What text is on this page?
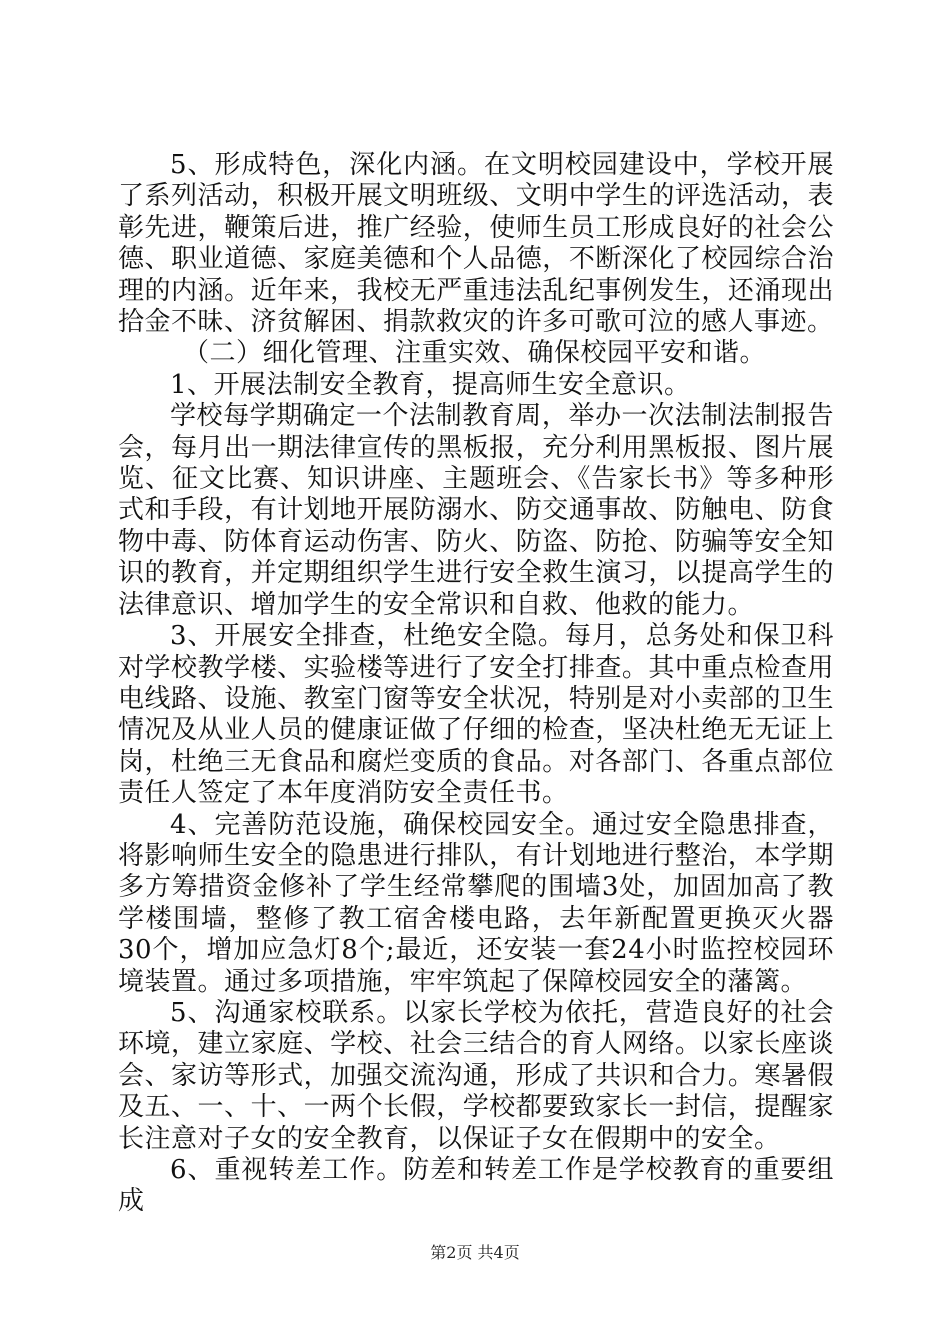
5、形成特色，深化内涵。在文明校园建设中，学校开展了系列活动，积极开展文明班级、文明中学生的评选活动，表彰先进，鞭策后进，推广经验，使师生员工形成良好的社会公德、职业道德、家庭美德和个人品德，不断深化了校园综合治理的内涵。近年来，我校无严重违法乱纪事例发生，还涌现出拾金不昧、济贫解困、捐款救灾的许多可歌可泣的感人事迹。

（二）细化管理、注重实效、确保校园平安和谐。

1、开展法制安全教育，提高师生安全意识。

学校每学期确定一个法制教育周，举办一次法制法制报告会，每月出一期法律宣传的黑板报，充分利用黑板报、图片展览、征文比赛、知识讲座、主题班会、《告家长书》等多种形式和手段，有计划地开展防溺水、防交通事故、防触电、防食物中毒、防体育运动伤害、防火、防盗、防抢、防骗等安全知识的教育，并定期组织学生进行安全救生演习，以提高学生的法律意识、增加学生的安全常识和自救、他救的能力。

3、开展安全排查，杜绝安全隐。每月，总务处和保卫科对学校教学楼、实验楼等进行了安全打排查。其中重点检查用电线路、设施、教室门窗等安全状况，特别是对小卖部的卫生情况及从业人员的健康证做了仔细的检查，坚决杜绝无无证上岗，杜绝三无食品和腐烂变质的食品。对各部门、各重点部位责任人签定了本年度消防安全责任书。

4、完善防范设施，确保校园安全。通过安全隐患排查，将影响师生安全的隐患进行排队，有计划地进行整治，本学期多方筹措资金修补了学生经常攀爬的围墙3处，加固加高了教学楼围墙，整修了教工宿舍楼电路，去年新配置更换灭火器30个，增加应急灯8个;最近，还安装一套24小时监控校园环境装置。通过多项措施，牢牢筑起了保障校园安全的藩篱。

5、沟通家校联系。以家长学校为依托，营造良好的社会环境，建立家庭、学校、社会三结合的育人网络。以家长座谈会、家访等形式，加强交流沟通，形成了共识和合力。寒暑假及五、一、十、一两个长假，学校都要致家长一封信，提醒家长注意对子女的安全教育，以保证子女在假期中的安全。

6、重视转差工作。防差和转差工作是学校教育的重要组成

第2页 共4页
